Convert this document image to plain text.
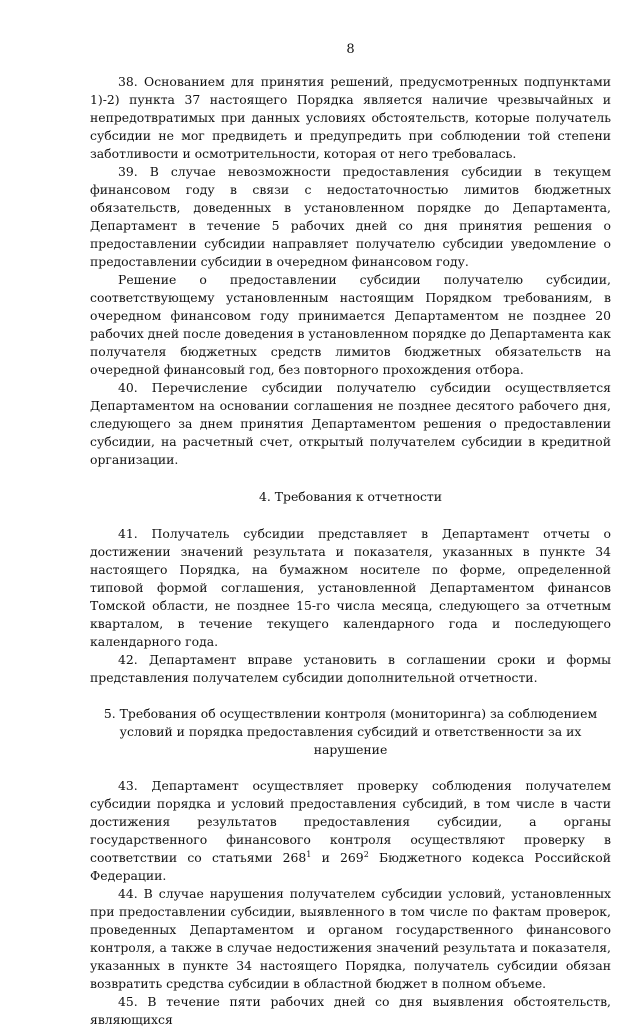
8

38. Основанием для принятия решений, предусмотренных подпунктами 1)-2) пункта 37 настоящего Порядка является наличие чрезвычайных и непредотвратимых при данных условиях обстоятельств, которые получатель субсидии не мог предвидеть и предупредить при соблюдении той степени заботливости и осмотрительности, которая от него требовалась.

39. В случае невозможности предоставления субсидии в текущем финансовом году в связи с недостаточностью лимитов бюджетных обязательств, доведенных в установленном порядке до Департамента, Департамент в течение 5 рабочих дней со дня принятия решения о предоставлении субсидии направляет получателю субсидии уведомление о предоставлении субсидии в очередном финансовом году.

Решение о предоставлении субсидии получателю субсидии, соответствующему установленным настоящим Порядком требованиям, в очередном финансовом году принимается Департаментом не позднее 20 рабочих дней после доведения в установленном порядке до Департамента как получателя бюджетных средств лимитов бюджетных обязательств на очередной финансовый год, без повторного прохождения отбора.

40. Перечисление субсидии получателю субсидии осуществляется Департаментом на основании соглашения не позднее десятого рабочего дня, следующего за днем принятия Департаментом решения о предоставлении субсидии, на расчетный счет, открытый получателем субсидии в кредитной организации.

4. Требования к отчетности

41. Получатель субсидии представляет в Департамент отчеты о достижении значений результата и показателя, указанных в пункте 34 настоящего Порядка, на бумажном носителе по форме, определенной типовой формой соглашения, установленной Департаментом финансов Томской области, не позднее 15-го числа месяца, следующего за отчетным кварталом, в течение текущего календарного года и последующего календарного года.

42. Департамент вправе установить в соглашении сроки и формы представления получателем субсидии дополнительной отчетности.

5. Требования об осуществлении контроля (мониторинга) за соблюдением условий и порядка предоставления субсидий и ответственности за их нарушение

43. Департамент осуществляет проверку соблюдения получателем субсидии порядка и условий предоставления субсидий, в том числе в части достижения результатов предоставления субсидии, а органы государственного финансового контроля осуществляют проверку в соответствии со статьями $268^1$ и $269^2$ Бюджетного кодекса Российской Федерации.

44. В случае нарушения получателем субсидии условий, установленных при предоставлении субсидии, выявленного в том числе по фактам проверок, проведенных Департаментом и органом государственного финансового контроля, а также в случае недостижения значений результата и показателя, указанных в пункте 34 настоящего Порядка, получатель субсидии обязан возвратить средства субсидии в областной бюджет в полном объеме.

45. В течение пяти рабочих дней со дня выявления обстоятельств, являющихся
